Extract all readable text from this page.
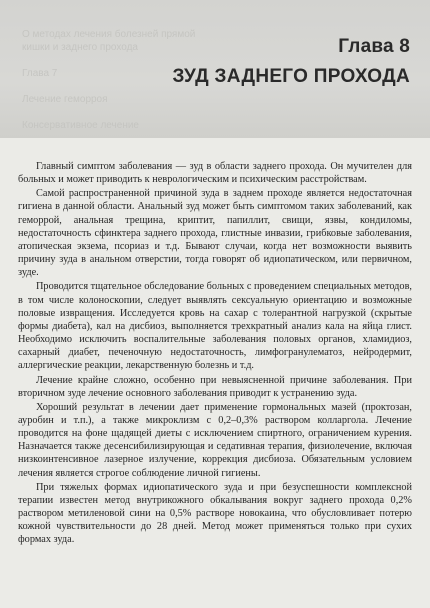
О методах лечения болезней прямой
кишки и заднего прохода

Глава 7

Лечение геморроя

Консервативное лечение
Глава 8
ЗУД ЗАДНЕГО ПРОХОДА

Главный симптом заболевания — зуд в области заднего прохода. Он мучителен для больных и может приводить к неврологическим и психическим расстройствам.

Самой распространенной причиной зуда в заднем проходе является недостаточная гигиена в данной области. Анальный зуд может быть симптомом таких заболеваний, как геморрой, анальная трещина, криптит, папиллит, свищи, язвы, кондиломы, недостаточность сфинктера заднего прохода, глистные инвазии, грибковые заболевания, атопическая экзема, псориаз и т.д. Бывают случаи, когда нет возможности выявить причину зуда в анальном отверстии, тогда говорят об идиопатическом, или первичном, зуде.

Проводится тщательное обследование больных с проведением специальных методов, в том числе колоноскопии, следует выявлять сексуальную ориентацию и возможные половые извращения. Исследуется кровь на сахар с толерантной нагрузкой (скрытые формы диабета), кал на дисбиоз, выполняется трехкратный анализ кала на яйца глист. Необходимо исключить воспалительные заболевания половых органов, хламидиоз, сахарный диабет, печеночную недостаточность, лимфогранулематоз, нейродермит, аллергические реакции, лекарственную болезнь и т.д.

Лечение крайне сложно, особенно при невыясненной причине заболевания. При вторичном зуде лечение основного заболевания приводит к устранению зуда.

Хороший результат в лечении дает применение гормональных мазей (проктозан, ауробин и т.п.), а также микроклизм с 0,2–0,3% раствором колларгола. Лечение проводится на фоне щадящей диеты с исключением спиртного, ограничением курения. Назначается также десенсибилизирующая и седативная терапия, физиолечение, включая низкоинтенсивное лазерное излучение, коррекция дисбиоза. Обязательным условием лечения является строгое соблюдение личной гигиены.

При тяжелых формах идиопатического зуда и при безуспешности комплексной терапии известен метод внутрикожного обкалывания вокруг заднего прохода 0,2% раствором метиленовой сини на 0,5% растворе новокаина, что обусловливает потерю кожной чувствительности до 28 дней. Метод может применяться только при сухих формах зуда.
